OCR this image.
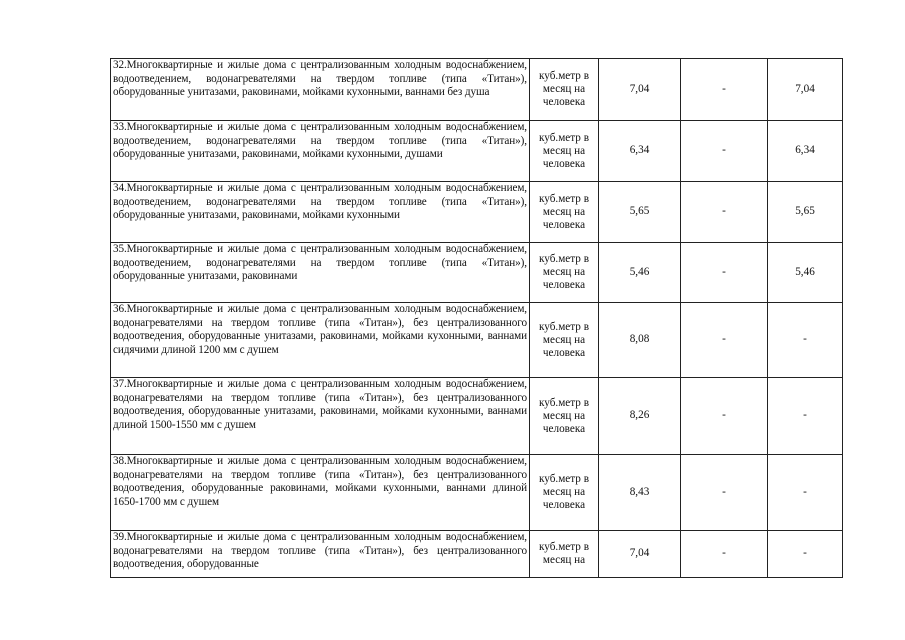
32.Многоквартирные и жилые дома с централизованным холодным водоснабжением, водоотведением, водонагревателями на твердом топливе (типа «Титан»), оборудованные унитазами, раковинами, мойками кухонными, ваннами без душа	куб.метр в месяц на человека	7,04	-	7,04
33.Многоквартирные и жилые дома с централизованным холодным водоснабжением, водоотведением, водонагревателями на твердом топливе (типа «Титан»), оборудованные унитазами, раковинами, мойками кухонными, душами	куб.метр в месяц на человека	6,34	-	6,34
34.Многоквартирные и жилые дома с централизованным холодным водоснабжением, водоотведением, водонагревателями на твердом топливе (типа «Титан»), оборудованные унитазами, раковинами, мойками кухонными	куб.метр в месяц на человека	5,65	-	5,65
35.Многоквартирные и жилые дома с централизованным холодным водоснабжением, водоотведением, водонагревателями на твердом топливе (типа «Титан»), оборудованные унитазами, раковинами	куб.метр в месяц на человека	5,46	-	5,46
36.Многоквартирные и жилые дома с централизованным холодным водоснабжением, водонагревателями на твердом топливе (типа «Титан»), без централизованного водоотведения, оборудованные унитазами, раковинами, мойками кухонными, ваннами сидячими длиной 1200 мм с душем	куб.метр в месяц на человека	8,08	-	-
37.Многоквартирные и жилые дома с централизованным холодным водоснабжением, водонагревателями на твердом топливе (типа «Титан»), без централизованного водоотведения, оборудованные унитазами, раковинами, мойками кухонными, ваннами длиной 1500-1550 мм с душем	куб.метр в месяц на человека	8,26	-	-
38.Многоквартирные и жилые дома с централизованным холодным водоснабжением, водонагревателями на твердом топливе (типа «Титан»), без централизованного водоотведения, оборудованные раковинами, мойками кухонными, ваннами длиной 1650-1700 мм с душем	куб.метр в месяц на человека	8,43	-	-
39.Многоквартирные и жилые дома с централизованным холодным водоснабжением, водонагревателями на твердом топливе (типа «Титан»), без централизованного водоотведения, оборудованные	куб.метр в месяц на	7,04	-	-
